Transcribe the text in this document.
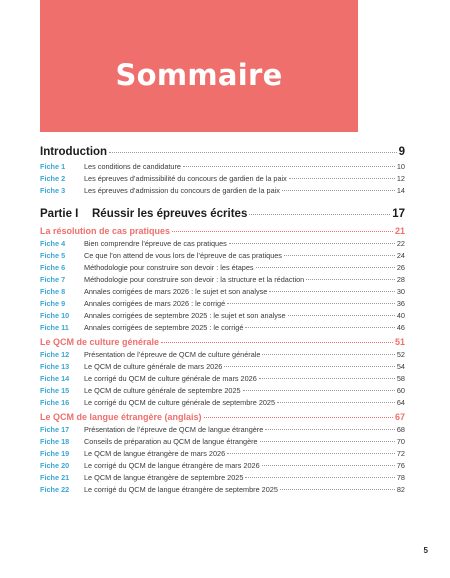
Sommaire
Introduction	9
Fiche 1	Les conditions de candidature	10
Fiche 2	Les épreuves d’admissibilité du concours de gardien de la paix	12
Fiche 3	Les épreuves d’admission du concours de gardien de la paix	14
Partie I	Réussir les épreuves écrites	17
La résolution de cas pratiques	21
Fiche 4	Bien comprendre l’épreuve de cas pratiques	22
Fiche 5	Ce que l’on attend de vous lors de l’épreuve de cas pratiques	24
Fiche 6	Méthodologie pour construire son devoir : les étapes	26
Fiche 7	Méthodologie pour construire son devoir : la structure et la rédaction	28
Fiche 8	Annales corrigées de mars 2026 : le sujet et son analyse	30
Fiche 9	Annales corrigées de mars 2026 : le corrigé	36
Fiche 10	Annales corrigées de septembre 2025 : le sujet et son analyse	40
Fiche 11	Annales corrigées de septembre 2025 : le corrigé	46
Le QCM de culture générale	51
Fiche 12	Présentation de l’épreuve de QCM de culture générale	52
Fiche 13	Le QCM de culture générale de mars 2026	54
Fiche 14	Le corrigé du QCM de culture générale de mars 2026	58
Fiche 15	Le QCM de culture générale de septembre 2025	60
Fiche 16	Le corrigé du QCM de culture générale de septembre 2025	64
Le QCM de langue étrangère (anglais)	67
Fiche 17	Présentation de l’épreuve de QCM de langue étrangère	68
Fiche 18	Conseils de préparation au QCM de langue étrangère	70
Fiche 19	Le QCM de langue étrangère de mars 2026	72
Fiche 20	Le corrigé du QCM de langue étrangère de mars 2026	76
Fiche 21	Le QCM de langue étrangère de septembre 2025	78
Fiche 22	Le corrigé du QCM de langue étrangère de septembre 2025	82
5
